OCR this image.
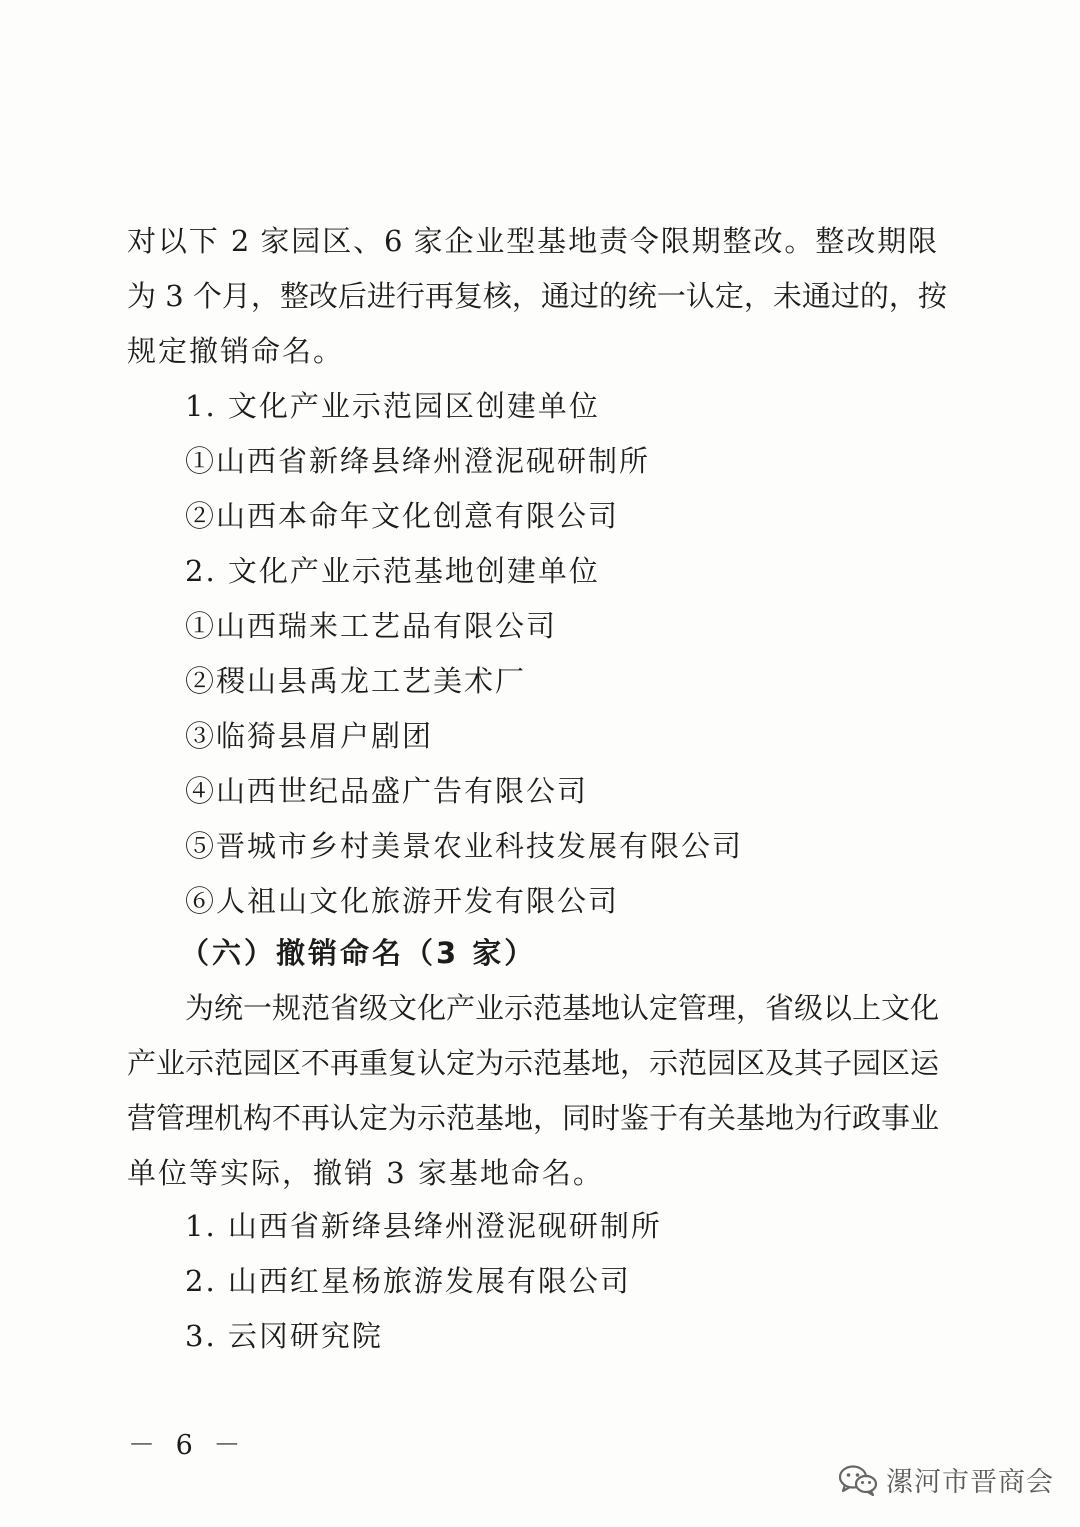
对以下 2 家园区、6 家企业型基地责令限期整改。整改期限
为 3 个月，整改后进行再复核，通过的统一认定，未通过的，按
规定撤销命名。
1. 文化产业示范园区创建单位
①山西省新绛县绛州澄泥砚研制所
②山西本命年文化创意有限公司
2. 文化产业示范基地创建单位
①山西瑞来工艺品有限公司
②稷山县禹龙工艺美术厂
③临猗县眉户剧团
④山西世纪品盛广告有限公司
⑤晋城市乡村美景农业科技发展有限公司
⑥人祖山文化旅游开发有限公司
（六）撤销命名（3 家）
为统一规范省级文化产业示范基地认定管理，省级以上文化
产业示范园区不再重复认定为示范基地，示范园区及其子园区运
营管理机构不再认定为示范基地，同时鉴于有关基地为行政事业
单位等实际，撤销 3 家基地命名。
1. 山西省新绛县绛州澄泥砚研制所
2. 山西红星杨旅游发展有限公司
3. 云冈研究院
－ 6 －
漯河市晋商会
